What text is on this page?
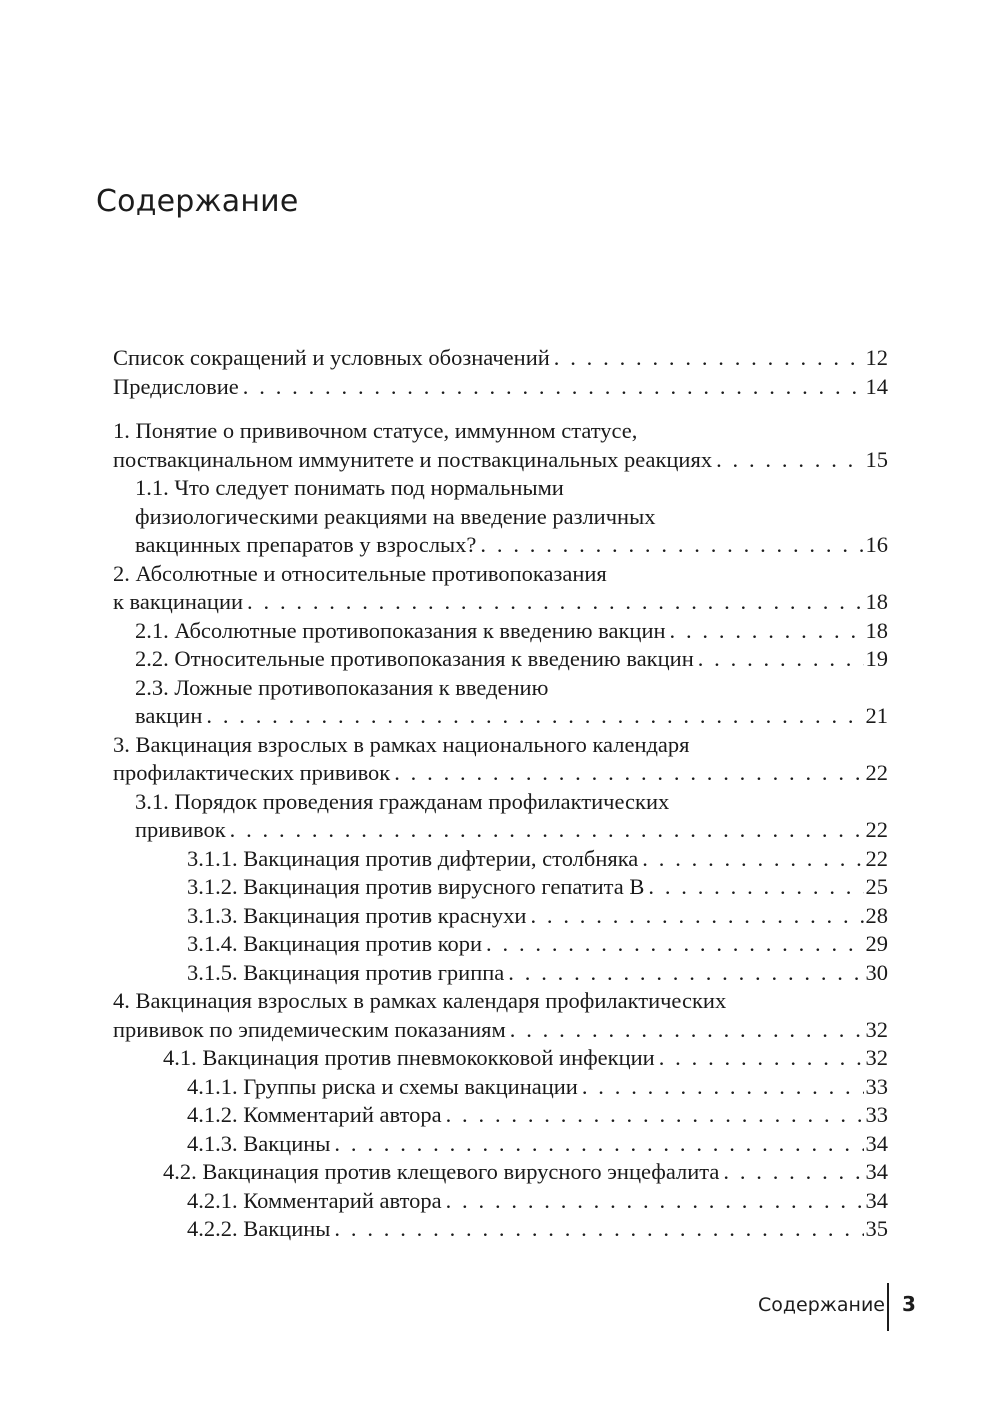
Содержание
Список сокращений и условных обозначений . . .	12
Предисловие . . .	14
1. Понятие о прививочном статусе, иммунном статусе,
поствакцинальном иммунитете и поствакцинальных реакциях . . .	15
1.1. Что следует понимать под нормальными
физиологическими реакциями на введение различных
вакцинных препаратов у взрослых? . . .	16
2. Абсолютные и относительные противопоказания
к вакцинации . . .	18
2.1. Абсолютные противопоказания к введению вакцин . . .	18
2.2. Относительные противопоказания к введению вакцин . . .	19
2.3. Ложные противопоказания к введению
вакцин . . .	21
3. Вакцинация взрослых в рамках национального календаря
профилактических прививок . . .	22
3.1. Порядок проведения гражданам профилактических
прививок . . .	22
3.1.1. Вакцинация против дифтерии, столбняка . . .	22
3.1.2. Вакцинация против вирусного гепатита В . . .	25
3.1.3. Вакцинация против краснухи . . .	28
3.1.4. Вакцинация против кори . . .	29
3.1.5. Вакцинация против гриппа . . .	30
4. Вакцинация взрослых в рамках календаря профилактических
прививок по эпидемическим показаниям . . .	32
4.1. Вакцинация против пневмококковой инфекции . . .	32
4.1.1. Группы риска и схемы вакцинации . . .	33
4.1.2. Комментарий автора . . .	33
4.1.3. Вакцины . . .	34
4.2. Вакцинация против клещевого вирусного энцефалита . . .	34
4.2.1. Комментарий автора . . .	34
4.2.2. Вакцины . . .	35
Содержание 3
